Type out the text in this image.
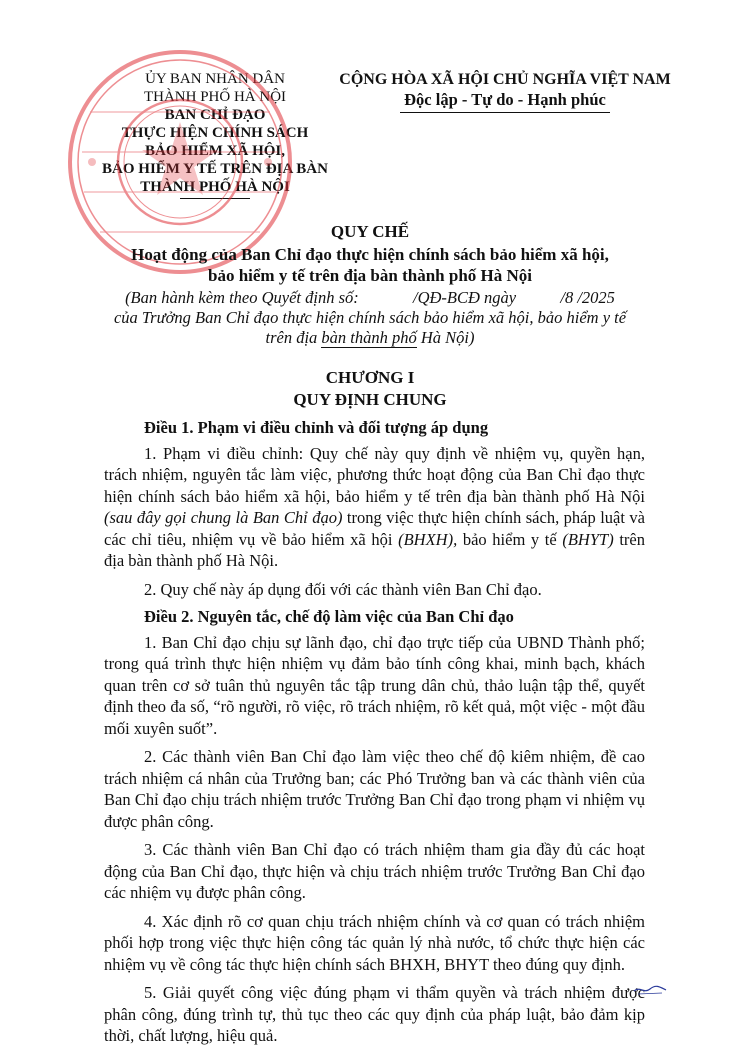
ỦY BAN NHÂN DÂN
THÀNH PHỐ HÀ NỘI
BAN CHỈ ĐẠO
THỰC HIỆN CHÍNH SÁCH
BẢO HIỂM XÃ HỘI,
BẢO HIỂM Y TẾ TRÊN ĐỊA BÀN
THÀNH PHỐ HÀ NỘI
CỘNG HÒA XÃ HỘI CHỦ NGHĨA VIỆT NAM
Độc lập - Tự do - Hạnh phúc
QUY CHẾ
Hoạt động của Ban Chỉ đạo thực hiện chính sách bảo hiểm xã hội,
bảo hiểm y tế trên địa bàn thành phố Hà Nội
(Ban hành kèm theo Quyết định số:	/QĐ-BCĐ ngày	/8 /2025
của Trưởng Ban Chỉ đạo thực hiện chính sách bảo hiểm xã hội, bảo hiểm y tế
trên địa bàn thành phố Hà Nội)
CHƯƠNG I
QUY ĐỊNH CHUNG

Điều 1. Phạm vi điều chỉnh và đối tượng áp dụng

1. Phạm vi điều chỉnh: Quy chế này quy định về nhiệm vụ, quyền hạn, trách nhiệm, nguyên tắc làm việc, phương thức hoạt động của Ban Chỉ đạo thực hiện chính sách bảo hiểm xã hội, bảo hiểm y tế trên địa bàn thành phố Hà Nội (sau đây gọi chung là Ban Chỉ đạo) trong việc thực hiện chính sách, pháp luật và các chỉ tiêu, nhiệm vụ về bảo hiểm xã hội (BHXH), bảo hiểm y tế (BHYT) trên địa bàn thành phố Hà Nội.

2. Quy chế này áp dụng đối với các thành viên Ban Chỉ đạo.

Điều 2. Nguyên tắc, chế độ làm việc của Ban Chỉ đạo

1. Ban Chỉ đạo chịu sự lãnh đạo, chỉ đạo trực tiếp của UBND Thành phố; trong quá trình thực hiện nhiệm vụ đảm bảo tính công khai, minh bạch, khách quan trên cơ sở tuân thủ nguyên tắc tập trung dân chủ, thảo luận tập thể, quyết định theo đa số, “rõ người, rõ việc, rõ trách nhiệm, rõ kết quả, một việc - một đầu mối xuyên suốt”.

2. Các thành viên Ban Chỉ đạo làm việc theo chế độ kiêm nhiệm, đề cao trách nhiệm cá nhân của Trưởng ban; các Phó Trưởng ban và các thành viên của Ban Chỉ đạo chịu trách nhiệm trước Trưởng Ban Chỉ đạo trong phạm vi nhiệm vụ được phân công.

3. Các thành viên Ban Chỉ đạo có trách nhiệm tham gia đầy đủ các hoạt động của Ban Chỉ đạo, thực hiện và chịu trách nhiệm trước Trưởng Ban Chỉ đạo các nhiệm vụ được phân công.

4. Xác định rõ cơ quan chịu trách nhiệm chính và cơ quan có trách nhiệm phối hợp trong việc thực hiện công tác quản lý nhà nước, tổ chức thực hiện các nhiệm vụ về công tác thực hiện chính sách BHXH, BHYT theo đúng quy định.

5. Giải quyết công việc đúng phạm vi thẩm quyền và trách nhiệm được phân công, đúng trình tự, thủ tục theo các quy định của pháp luật, bảo đảm kịp thời, chất lượng, hiệu quả.
